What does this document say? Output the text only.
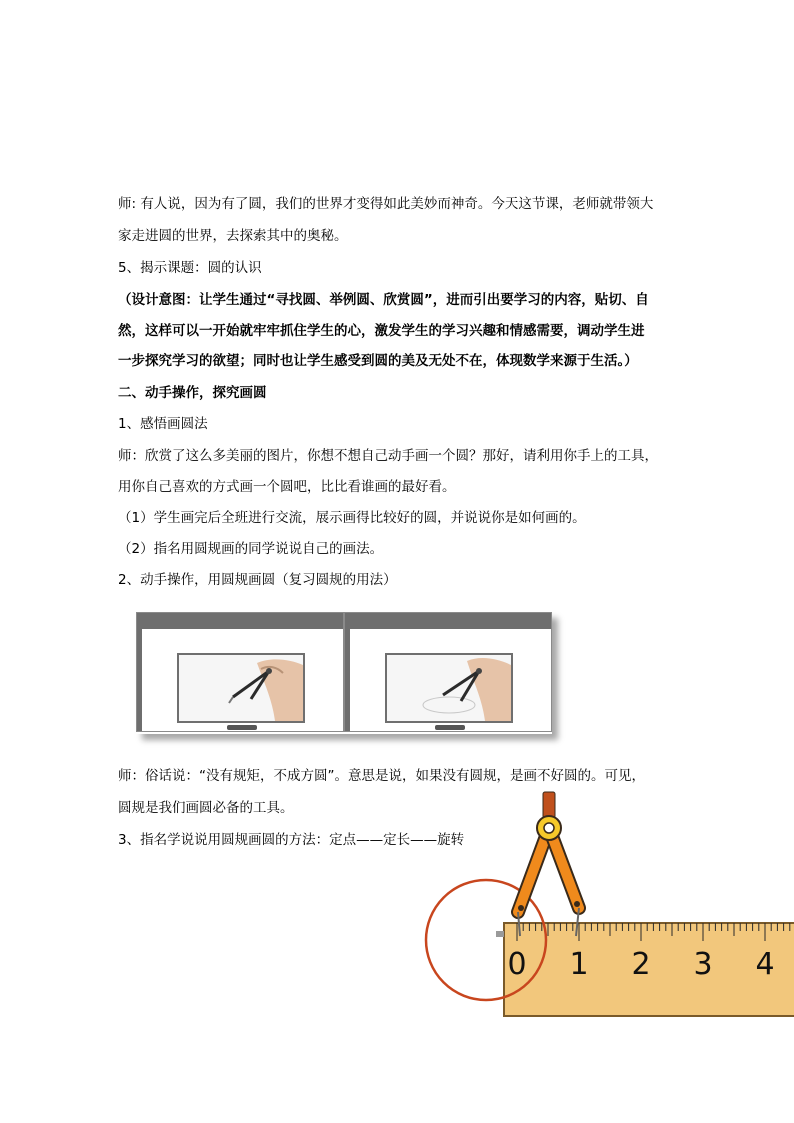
师: 有人说，因为有了圆，我们的世界才变得如此美妙而神奇。今天这节课，老师就带领大
家走进圆的世界，去探索其中的奥秘。
5、揭示课题：圆的认识
（设计意图：让学生通过“寻找圆、举例圆、欣赏圆”，进而引出要学习的内容，贴切、自
然，这样可以一开始就牢牢抓住学生的心，激发学生的学习兴趣和情感需要，调动学生进
一步探究学习的欲望；同时也让学生感受到圆的美及无处不在，体现数学来源于生活。）
二、动手操作，探究画圆
1、感悟画圆法
师：欣赏了这么多美丽的图片，你想不想自己动手画一个圆？那好，请利用你手上的工具，
用你自己喜欢的方式画一个圆吧，比比看谁画的最好看。
（1）学生画完后全班进行交流，展示画得比较好的圆，并说说你是如何画的。
（2）指名用圆规画的同学说说自己的画法。
2、动手操作，用圆规画圆（复习圆规的用法）
师：俗话说：“没有规矩，不成方圆”。意思是说，如果没有圆规，是画不好圆的。可见，
圆规是我们画圆必备的工具。
3、指名学说说用圆规画圆的方法：定点——定长——旋转
0 1 2 3 4
